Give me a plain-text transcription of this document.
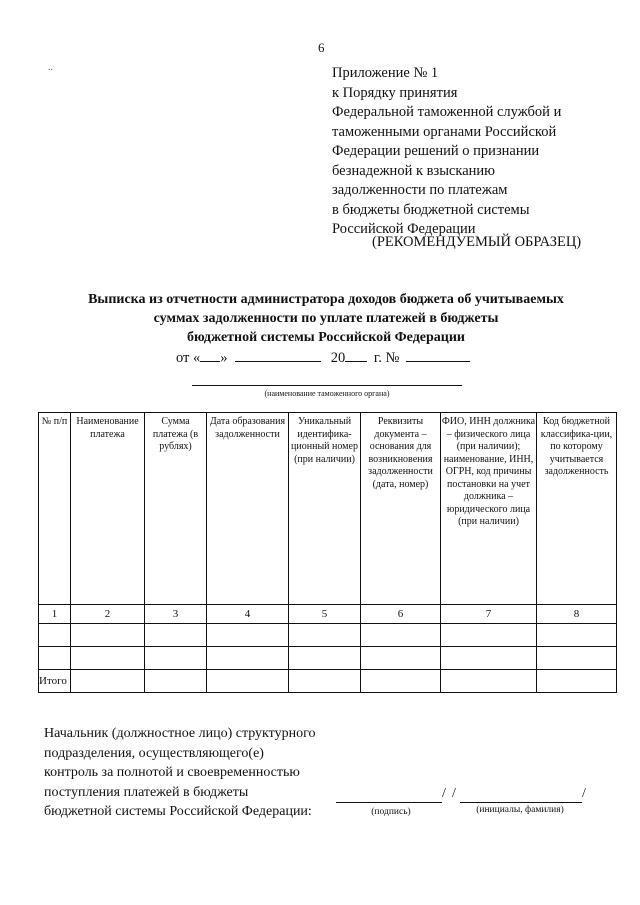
6
..	Приложение № 1
к Порядку принятия
Федеральной таможенной службой и
таможенными органами Российской
Федерации решений о признании
безнадежной к взысканию
задолженности по платежам
в бюджеты бюджетной системы
Российской Федерации
(РЕКОМЕНДУЕМЫЙ ОБРАЗЕЦ)
Выписка из отчетности администратора доходов бюджета об учитываемых
суммах задолженности по уплате платежей в бюджеты
бюджетной системы Российской Федерации
от « »	20 г. №
(наименование таможенного органа)
№ п/п	Наименование платежа	Сумма платежа (в рублях)	Дата образования задолженности	Уникальный идентифика-ционный номер (при наличии)	Реквизиты документа – основания для возникновения задолженности (дата, номер)	ФИО, ИНН должника – физического лица (при наличии); наименование, ИНН, ОГРН, код причины постановки на учет должника – юридического лица (при наличии)	Код бюджетной классифика-ции, по которому учитывается задолженность
1	2	3	4	5	6	7	8

Итого							
Начальник (должностное лицо) структурного
подразделения, осуществляющего(е)
контроль за полнотой и своевременностью
поступления платежей в бюджеты
бюджетной системы Российской Федерации:
/ /	/
(подпись)	(инициалы, фамилия)
